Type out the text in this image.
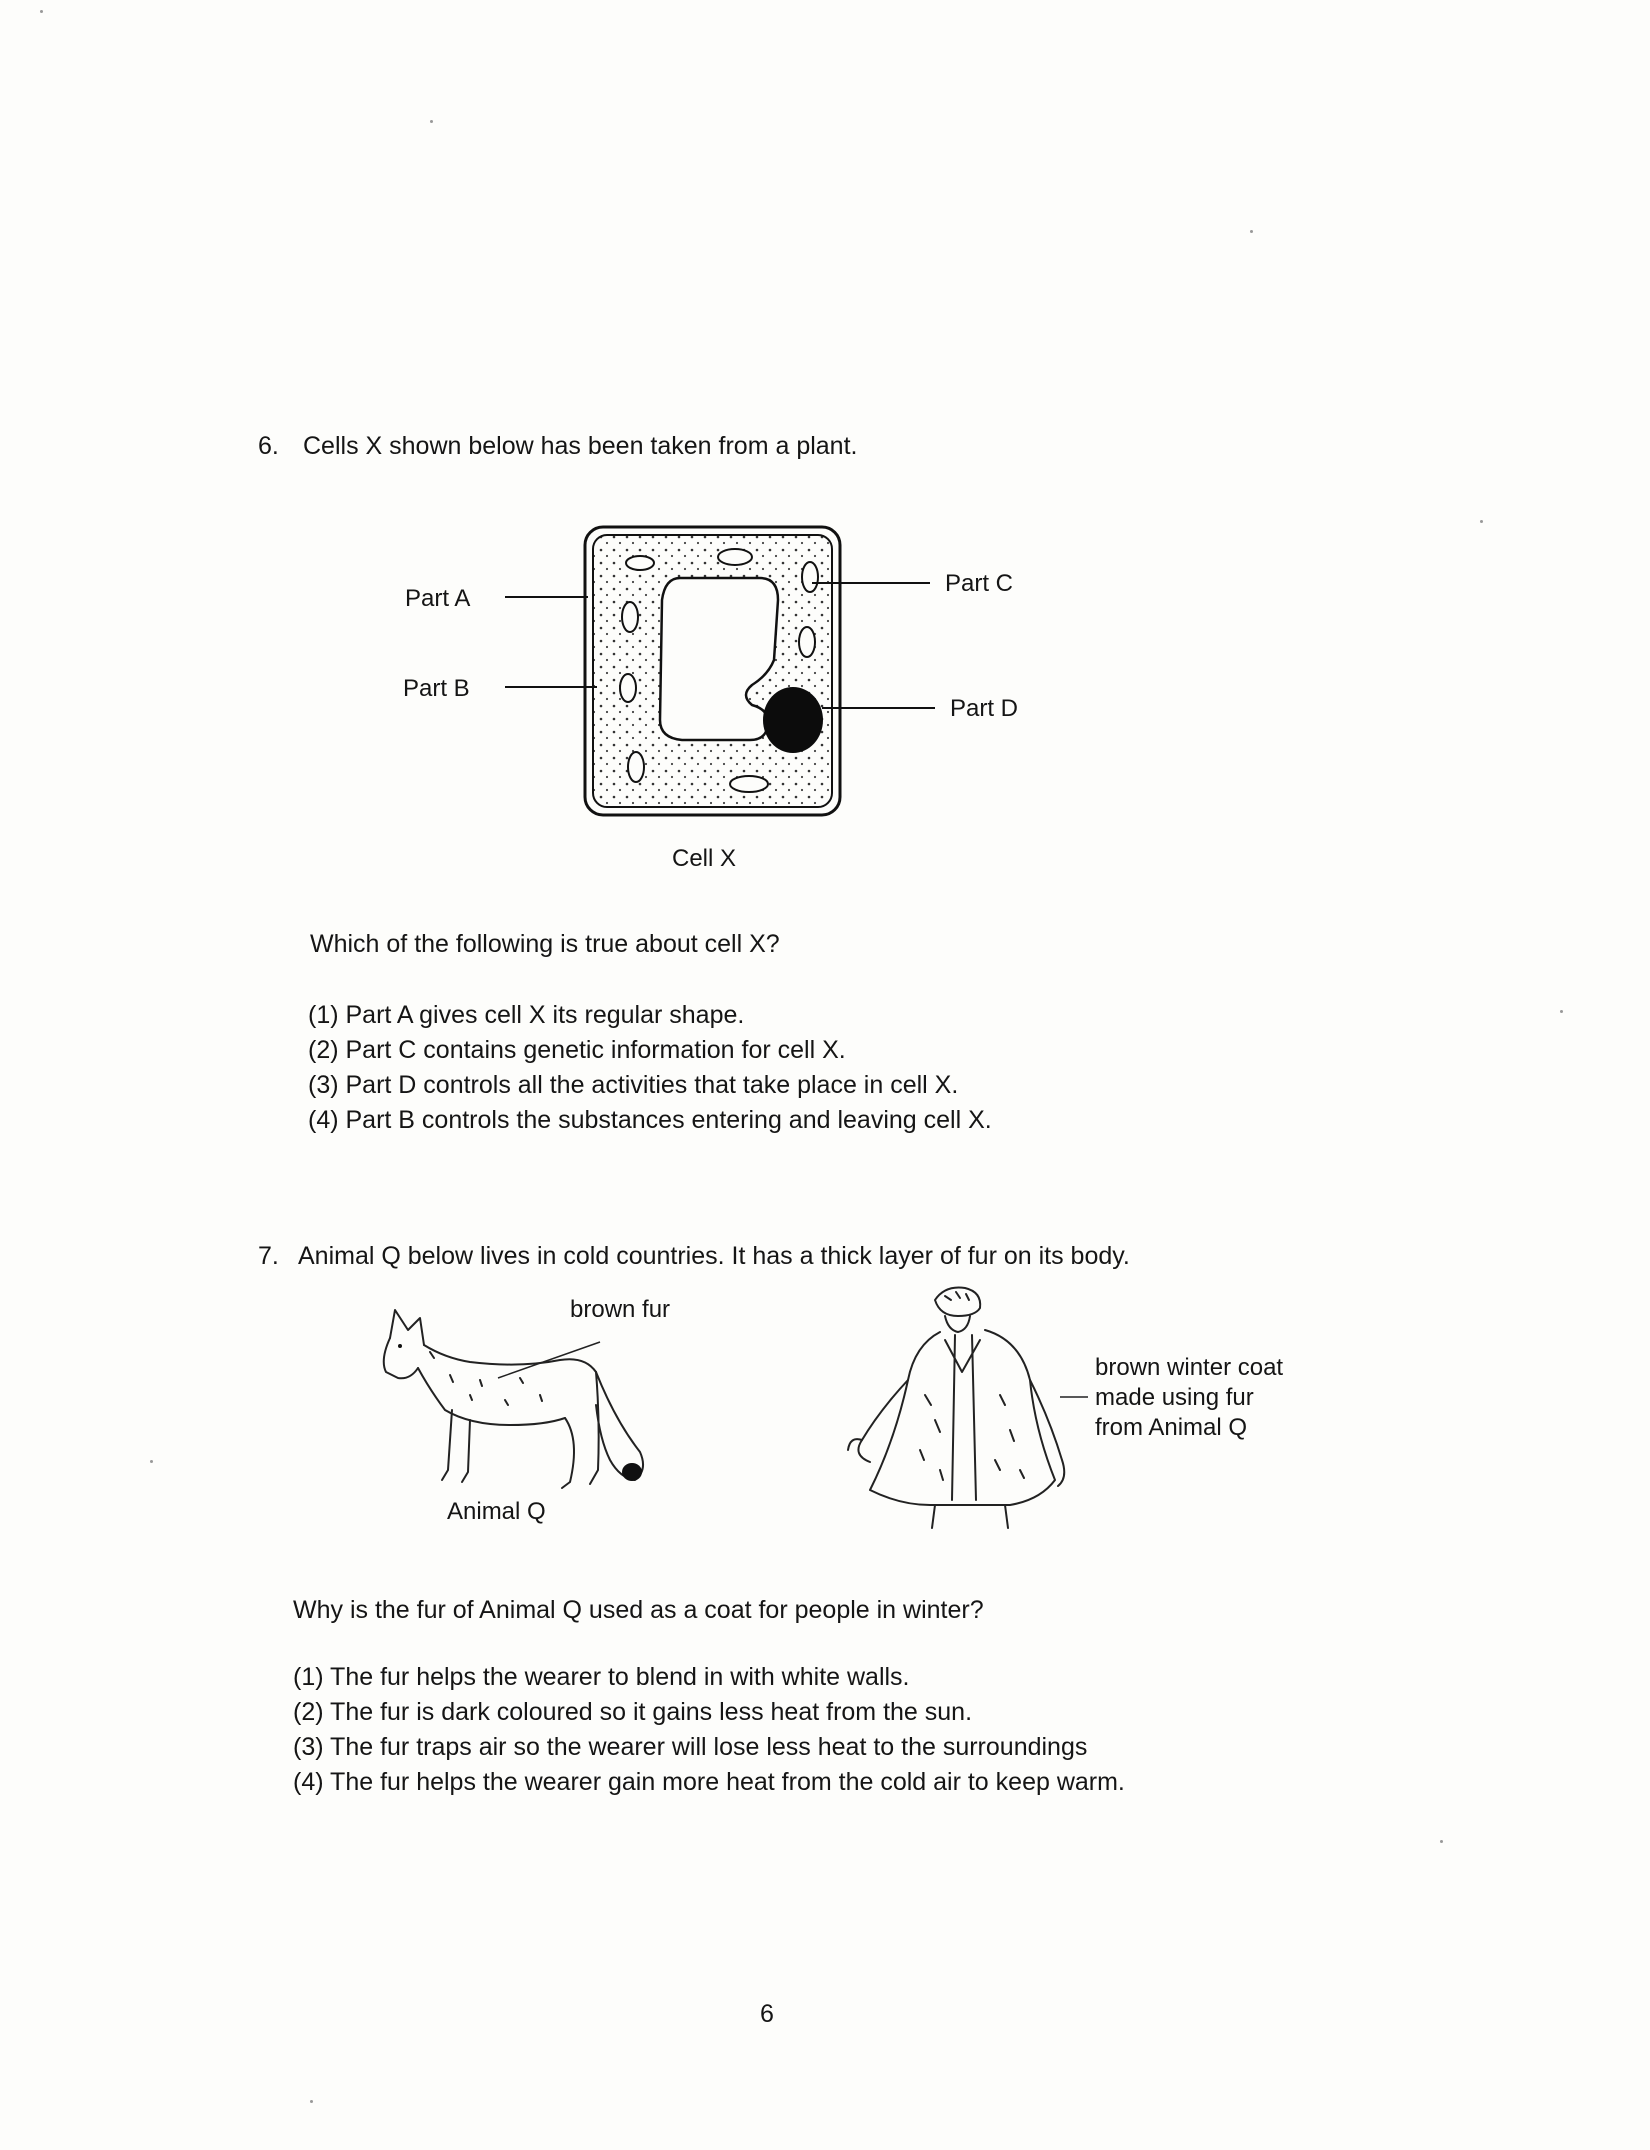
6. Cells X shown below has been taken from a plant.
Part A
Part B
Part C
Part D
Cell X
Which of the following is true about cell X?
(1) Part A gives cell X its regular shape.
(2) Part C contains genetic information for cell X.
(3) Part D controls all the activities that take place in cell X.
(4) Part B controls the substances entering and leaving cell X.
7. Animal Q below lives in cold countries. It has a thick layer of fur on its body.
brown fur
Animal Q
brown winter coat
made using fur
from Animal Q
Why is the fur of Animal Q used as a coat for people in winter?
(1) The fur helps the wearer to blend in with white walls.
(2) The fur is dark coloured so it gains less heat from the sun.
(3) The fur traps air so the wearer will lose less heat to the surroundings
(4) The fur helps the wearer gain more heat from the cold air to keep warm.
6
